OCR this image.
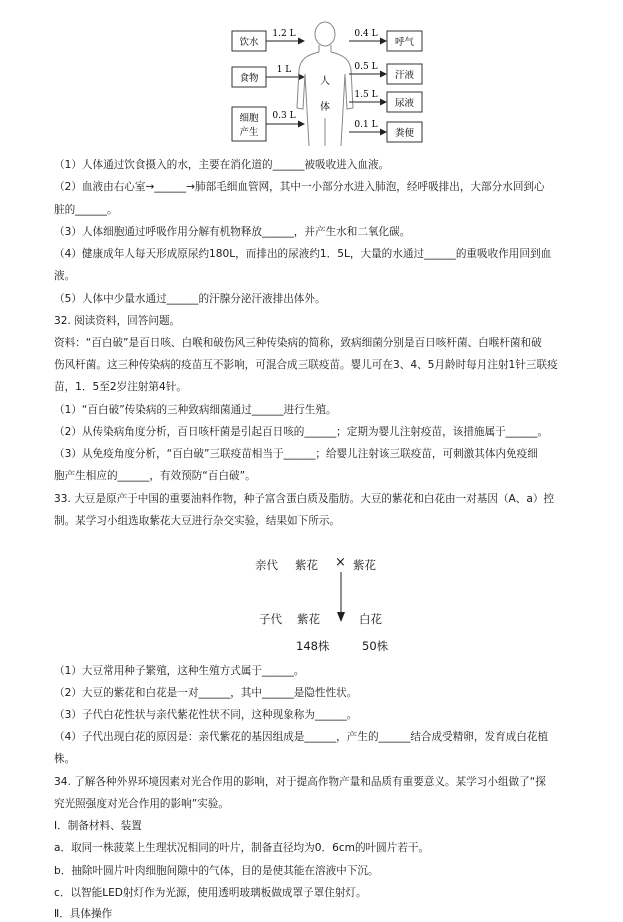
饮水
食物
细胞
产生
1.2 L
1 L
0.3 L
人
体
0.4 L
0.5 L
1.5 L
0.1 L
呼气
汗液
尿液
粪便
（1）人体通过饮食摄入的水，主要在消化道的______被吸收进入血液。
（2）血液由右心室→______→肺部毛细血管网，其中一小部分水进入肺泡，经呼吸排出，大部分水回到心
脏的______。
（3）人体细胞通过呼吸作用分解有机物释放______，并产生水和二氧化碳。
（4）健康成年人每天形成原尿约180L，而排出的尿液约1．5L，大量的水通过______的重吸收作用回到血
液。
（5）人体中少量水通过______的汗腺分泌汗液排出体外。
32. 阅读资料，回答问题。
资料：“百白破”是百日咳、白喉和破伤风三种传染病的简称，致病细菌分别是百日咳杆菌、白喉杆菌和破
伤风杆菌。这三种传染病的疫苗互不影响，可混合成三联疫苗。婴儿可在3、4、5月龄时每月注射1针三联疫
苗，1．5至2岁注射第4针。
（1）“百白破”传染病的三种致病细菌通过______进行生殖。
（2）从传染病角度分析，百日咳杆菌是引起百日咳的______；定期为婴儿注射疫苗，该措施属于______。
（3）从免疫角度分析，“百白破”三联疫苗相当于______；给婴儿注射该三联疫苗，可刺激其体内免疫细
胞产生相应的______，有效预防“百白破”。
33. 大豆是原产于中国的重要油料作物，种子富含蛋白质及脂肪。大豆的紫花和白花由一对基因（A、a）控
制。某学习小组选取紫花大豆进行杂交实验，结果如下所示。
亲代 紫花 × 紫花
子代 紫花	白花
148株	50株
（1）大豆常用种子繁殖，这种生殖方式属于______。
（2）大豆的紫花和白花是一对______，其中______是隐性性状。
（3）子代白花性状与亲代紫花性状不同，这种现象称为______。
（4）子代出现白花的原因是：亲代紫花的基因组成是______，产生的______结合成受精卵，发育成白花植
株。
34. 了解各种外界环境因素对光合作用的影响，对于提高作物产量和品质有重要意义。某学习小组做了“探
究光照强度对光合作用的影响”实验。
Ⅰ．制备材料、装置
a．取同一株菠菜上生理状况相同的叶片，制备直径均为0．6cm的叶圆片若干。
b．抽除叶圆片叶肉细胞间隙中的气体，目的是使其能在溶液中下沉。
c．以智能LED射灯作为光源，使用透明玻璃板做成罩子罩住射灯。
Ⅱ．具体操作
